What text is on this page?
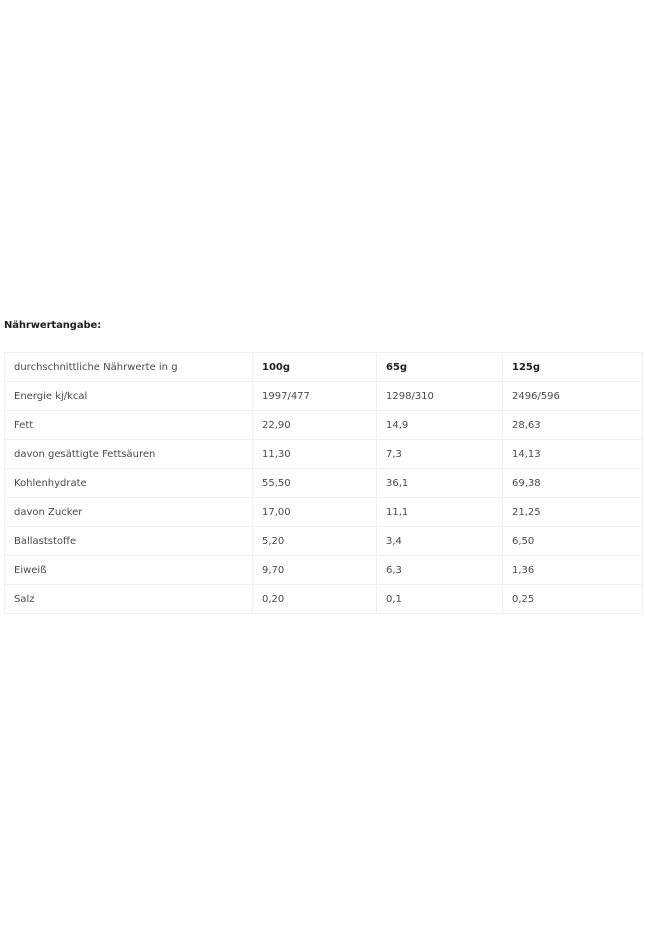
Nährwertangabe:
durchschnittliche Nährwerte in g	100g	65g	125g
Energie kj/kcal	1997/477	1298/310	2496/596
Fett	22,90	14,9	28,63
davon gesättigte Fettsäuren	11,30	7,3	14,13
Kohlenhydrate	55,50	36,1	69,38
davon Zucker	17,00	11,1	21,25
Ballaststoffe	5,20	3,4	6,50
Eiweiß	9,70	6,3	1,36
Salz	0,20	0,1	0,25
